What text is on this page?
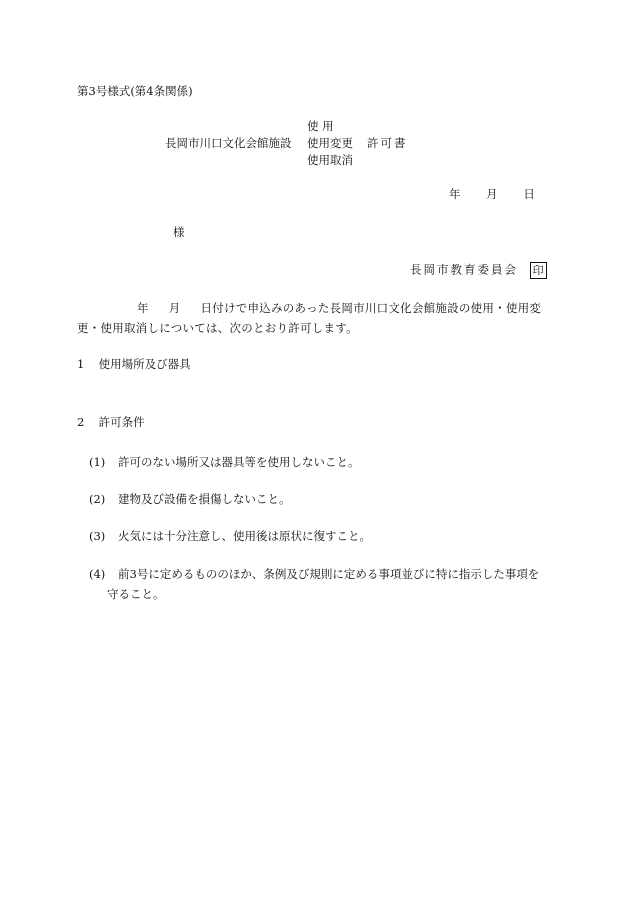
第3号様式(第4条関係)
長岡市川口文化会館施設
使 用
使用変更
使用取消
許可書
年 月 日
様
長岡市教育委員会 印
年 月 日付けで申込みのあった長岡市川口文化会館施設の使用・使用変
更・使用取消しについては、次のとおり許可します。
1 使用場所及び器具
2 許可条件
(1) 許可のない場所又は器具等を使用しないこと。
(2) 建物及び設備を損傷しないこと。
(3) 火気には十分注意し、使用後は原状に復すこと。
(4) 前3号に定めるもののほか、条例及び規則に定める事項並びに特に指示した事項を
守ること。
